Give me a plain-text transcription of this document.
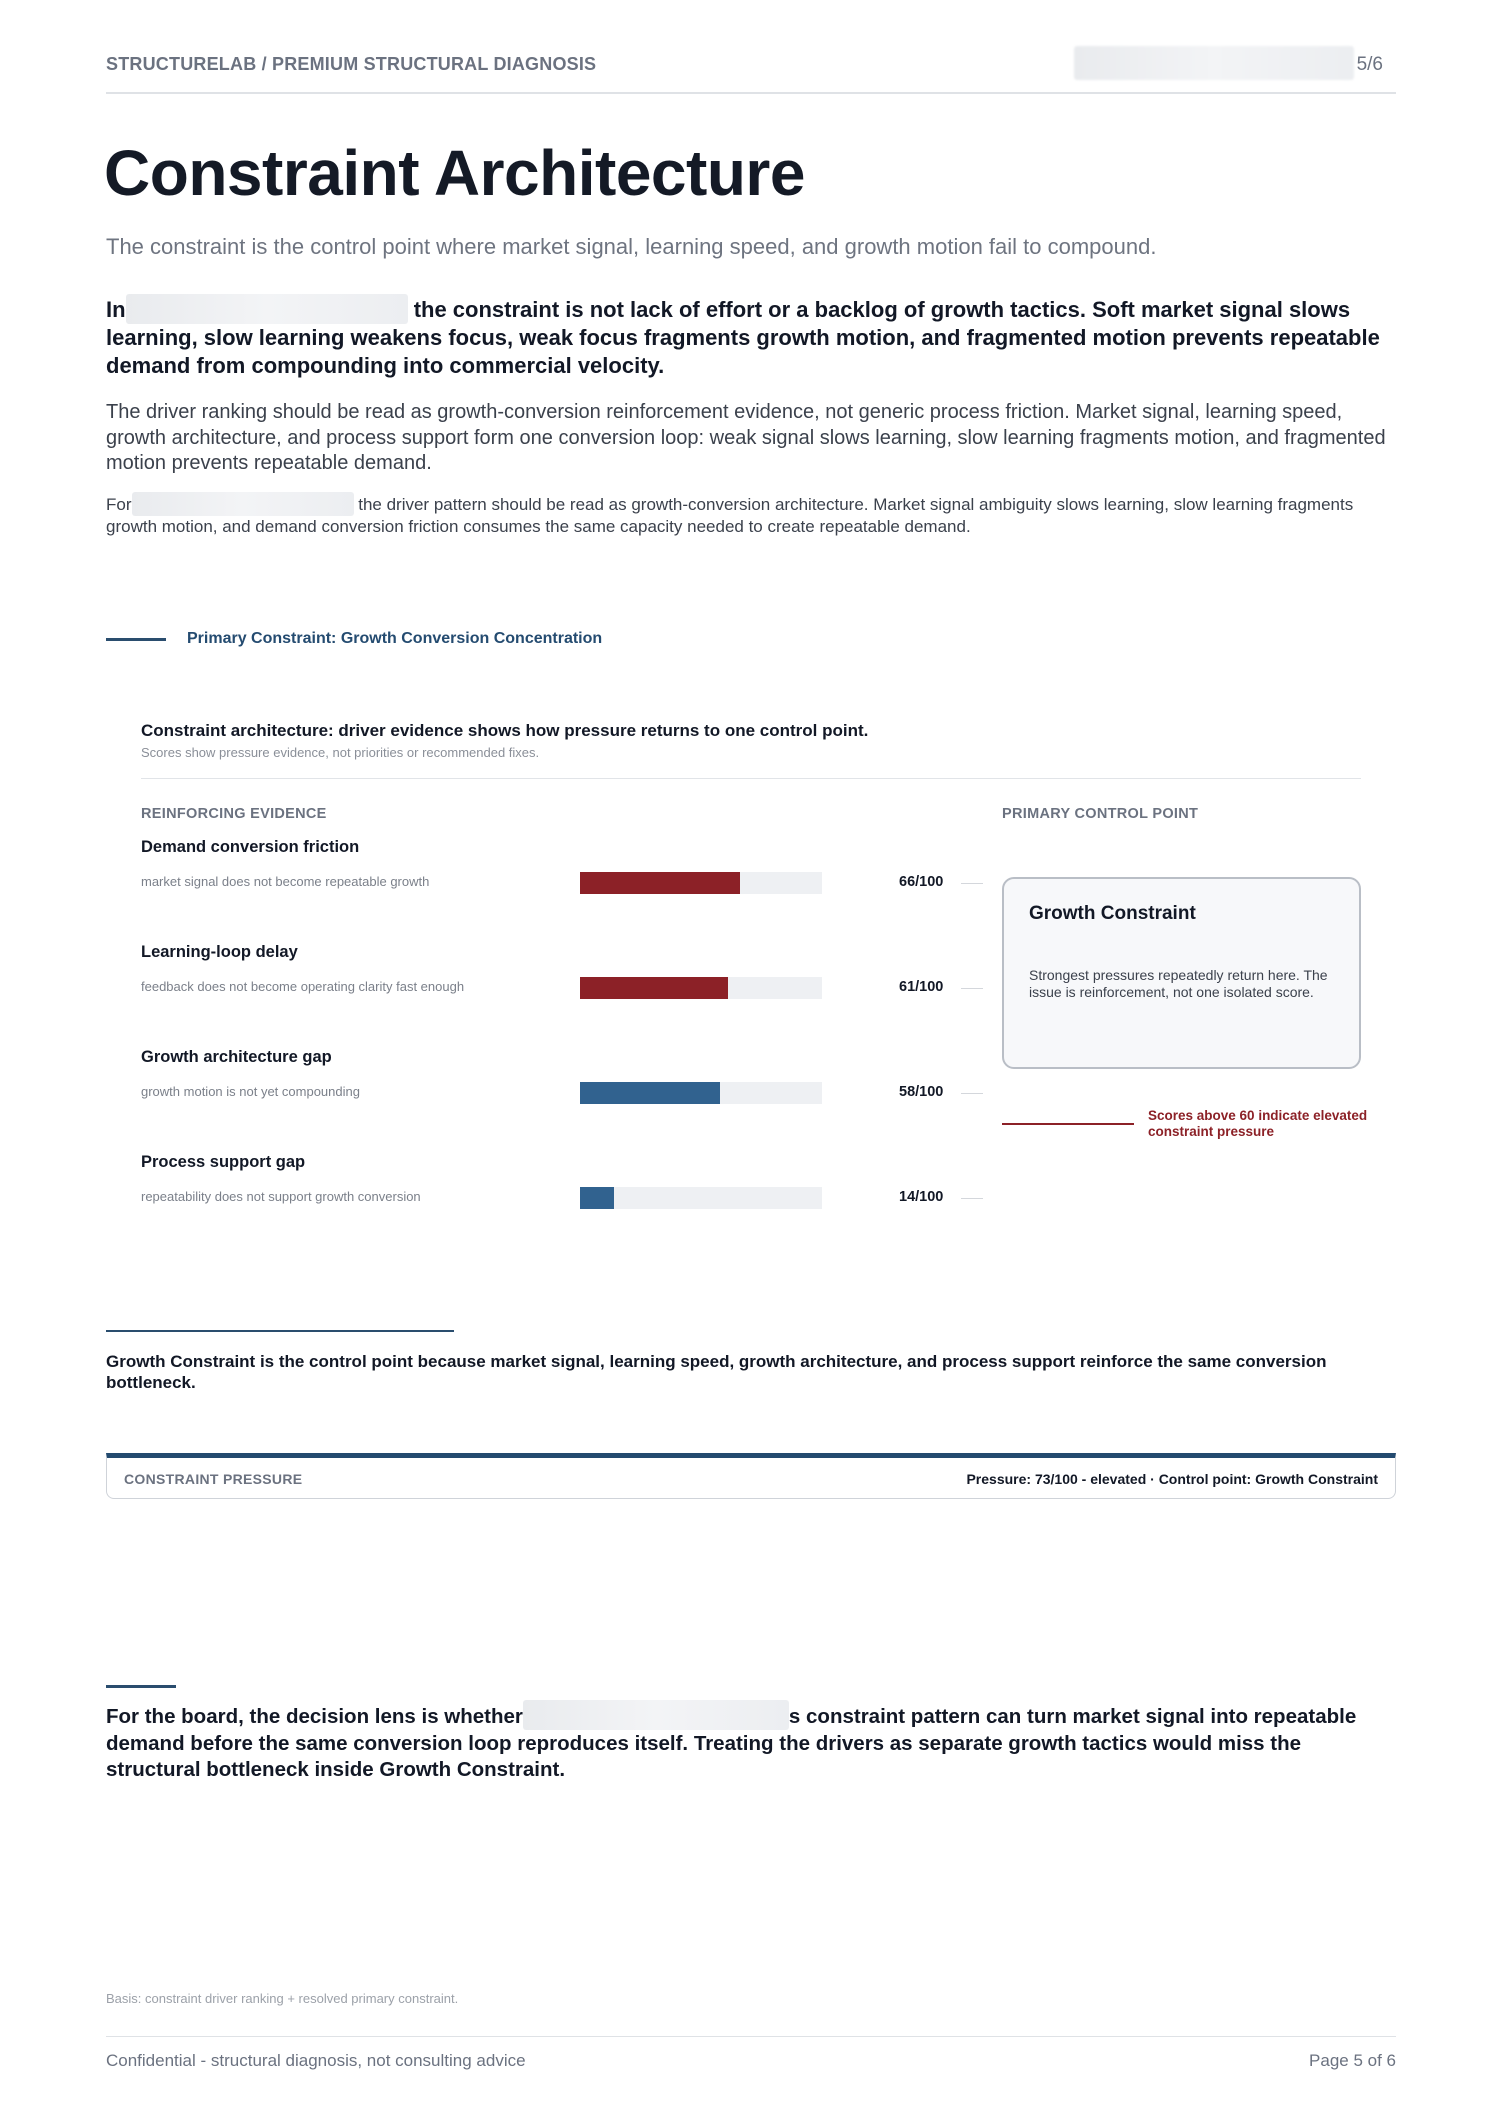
STRUCTURELAB / PREMIUM STRUCTURAL DIAGNOSIS	5/6
Constraint Architecture
The constraint is the control point where market signal, learning speed, and growth motion fail to compound.
In	the constraint is not lack of effort or a backlog of growth tactics. Soft market signal slows learning, slow learning weakens focus, weak focus fragments growth motion, and fragmented motion prevents repeatable demand from compounding into commercial velocity.
The driver ranking should be read as growth-conversion reinforcement evidence, not generic process friction. Market signal, learning speed, growth architecture, and process support form one conversion loop: weak signal slows learning, slow learning fragments motion, and fragmented motion prevents repeatable demand.
For	the driver pattern should be read as growth-conversion architecture. Market signal ambiguity slows learning, slow learning fragments growth motion, and demand conversion friction consumes the same capacity needed to create repeatable demand.
Primary Constraint: Growth Conversion Concentration
Constraint architecture: driver evidence shows how pressure returns to one control point.
Scores show pressure evidence, not priorities or recommended fixes.
REINFORCING EVIDENCE	PRIMARY CONTROL POINT
Demand conversion friction
market signal does not become repeatable growth	66/100
Learning-loop delay
feedback does not become operating clarity fast enough	61/100
Growth architecture gap
growth motion is not yet compounding	58/100
Process support gap
repeatability does not support growth conversion	14/100
Growth Constraint
Strongest pressures repeatedly return here. The issue is reinforcement, not one isolated score.
Scores above 60 indicate elevated constraint pressure
Growth Constraint is the control point because market signal, learning speed, growth architecture, and process support reinforce the same conversion bottleneck.
CONSTRAINT PRESSURE	Pressure: 73/100 - elevated · Control point: Growth Constraint
For the board, the decision lens is whether	s constraint pattern can turn market signal into repeatable demand before the same conversion loop reproduces itself. Treating the drivers as separate growth tactics would miss the structural bottleneck inside Growth Constraint.
Basis: constraint driver ranking + resolved primary constraint.
Confidential - structural diagnosis, not consulting advice	Page 5 of 6
